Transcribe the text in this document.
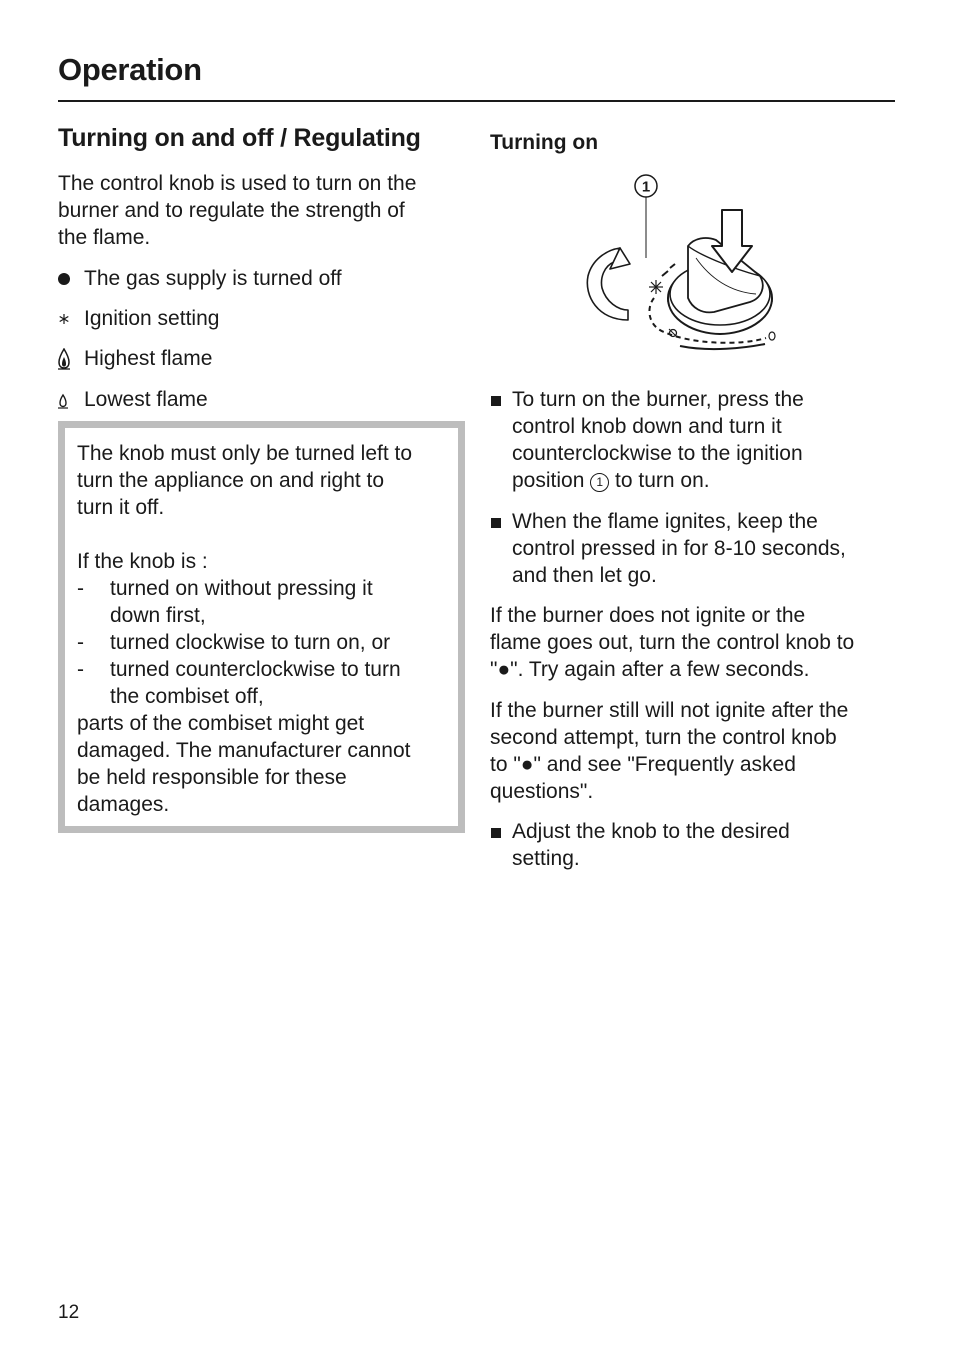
Operation
Turning on and off / Regulating
The control knob is used to turn on the
burner and to regulate the strength of
the flame.
The gas supply is turned off
Ignition setting
Highest flame
Lowest flame

The knob must only be turned left to

turn the appliance on and right to

turn it off.

If the knob is :

-	turned on without pressing it
down first,
-	turned clockwise to turn on, or
-	turned counterclockwise to turn
the combiset off,

parts of the combiset might get

damaged. The manufacturer cannot

be held responsible for these

damages.

Turning on
1
To turn on the burner, press the
control knob down and turn it
counterclockwise to the ignition
position 1 to turn on.
When the flame ignites, keep the
control pressed in for 8-10 seconds,
and then let go.
If the burner does not ignite or the
flame goes out, turn the control knob to
"●". Try again after a few seconds.
If the burner still will not ignite after the
second attempt, turn the control knob
to "●" and see "Frequently asked
questions".
Adjust the knob to the desired
setting.
12
